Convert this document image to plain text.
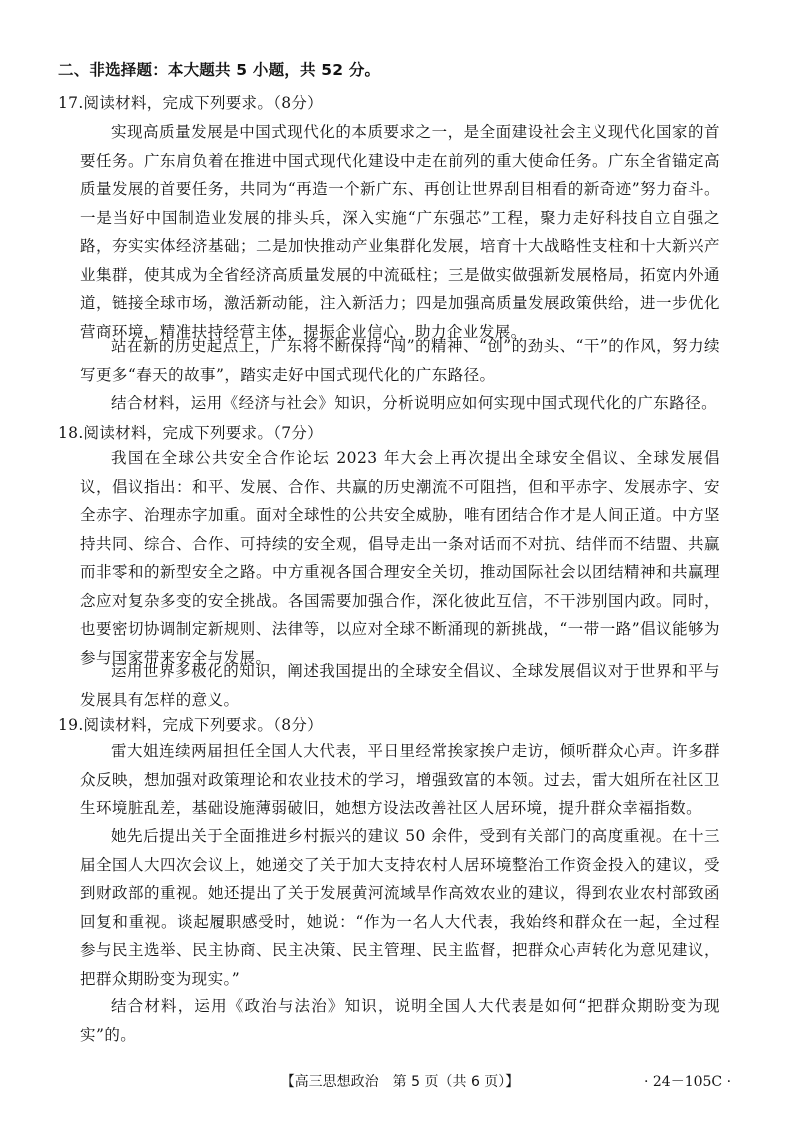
二、非选择题：本大题共 5 小题，共 52 分。
17.阅读材料，完成下列要求。（8分）

实现高质量发展是中国式现代化的本质要求之一，是全面建设社会主义现代化国家的首要任务。广东肩负着在推进中国式现代化建设中走在前列的重大使命任务。广东全省锚定高质量发展的首要任务，共同为“再造一个新广东、再创让世界刮目相看的新奇迹”努力奋斗。一是当好中国制造业发展的排头兵，深入实施“广东强芯”工程，聚力走好科技自立自强之路，夯实实体经济基础；二是加快推动产业集群化发展，培育十大战略性支柱和十大新兴产业集群，使其成为全省经济高质量发展的中流砥柱；三是做实做强新发展格局，拓宽内外通道，链接全球市场，激活新动能，注入新活力；四是加强高质量发展政策供给，进一步优化营商环境，精准扶持经营主体，提振企业信心，助力企业发展。

站在新的历史起点上，广东将不断保持“闯”的精神、“创”的劲头、“干”的作风，努力续写更多“春天的故事”，踏实走好中国式现代化的广东路径。

结合材料，运用《经济与社会》知识，分析说明应如何实现中国式现代化的广东路径。

18.阅读材料，完成下列要求。（7分）

我国在全球公共安全合作论坛 2023 年大会上再次提出全球安全倡议、全球发展倡议，倡议指出：和平、发展、合作、共赢的历史潮流不可阻挡，但和平赤字、发展赤字、安全赤字、治理赤字加重。面对全球性的公共安全威胁，唯有团结合作才是人间正道。中方坚持共同、综合、合作、可持续的安全观，倡导走出一条对话而不对抗、结伴而不结盟、共赢而非零和的新型安全之路。中方重视各国合理安全关切，推动国际社会以团结精神和共赢理念应对复杂多变的安全挑战。各国需要加强合作，深化彼此互信，不干涉别国内政。同时，也要密切协调制定新规则、法律等，以应对全球不断涌现的新挑战，“一带一路”倡议能够为参与国家带来安全与发展。

运用世界多极化的知识，阐述我国提出的全球安全倡议、全球发展倡议对于世界和平与发展具有怎样的意义。

19.阅读材料，完成下列要求。（8分）

雷大姐连续两届担任全国人大代表，平日里经常挨家挨户走访，倾听群众心声。许多群众反映，想加强对政策理论和农业技术的学习，增强致富的本领。过去，雷大姐所在社区卫生环境脏乱差，基础设施薄弱破旧，她想方设法改善社区人居环境，提升群众幸福指数。

她先后提出关于全面推进乡村振兴的建议 50 余件，受到有关部门的高度重视。在十三届全国人大四次会议上，她递交了关于加大支持农村人居环境整治工作资金投入的建议，受到财政部的重视。她还提出了关于发展黄河流域旱作高效农业的建议，得到农业农村部致函回复和重视。谈起履职感受时，她说：“作为一名人大代表，我始终和群众在一起，全过程参与民主选举、民主协商、民主决策、民主管理、民主监督，把群众心声转化为意见建议，把群众期盼变为现实。”

结合材料，运用《政治与法治》知识，说明全国人大代表是如何“把群众期盼变为现实”的。

【高三思想政治　第 5 页（共 6 页）】	· 24－105C ·
